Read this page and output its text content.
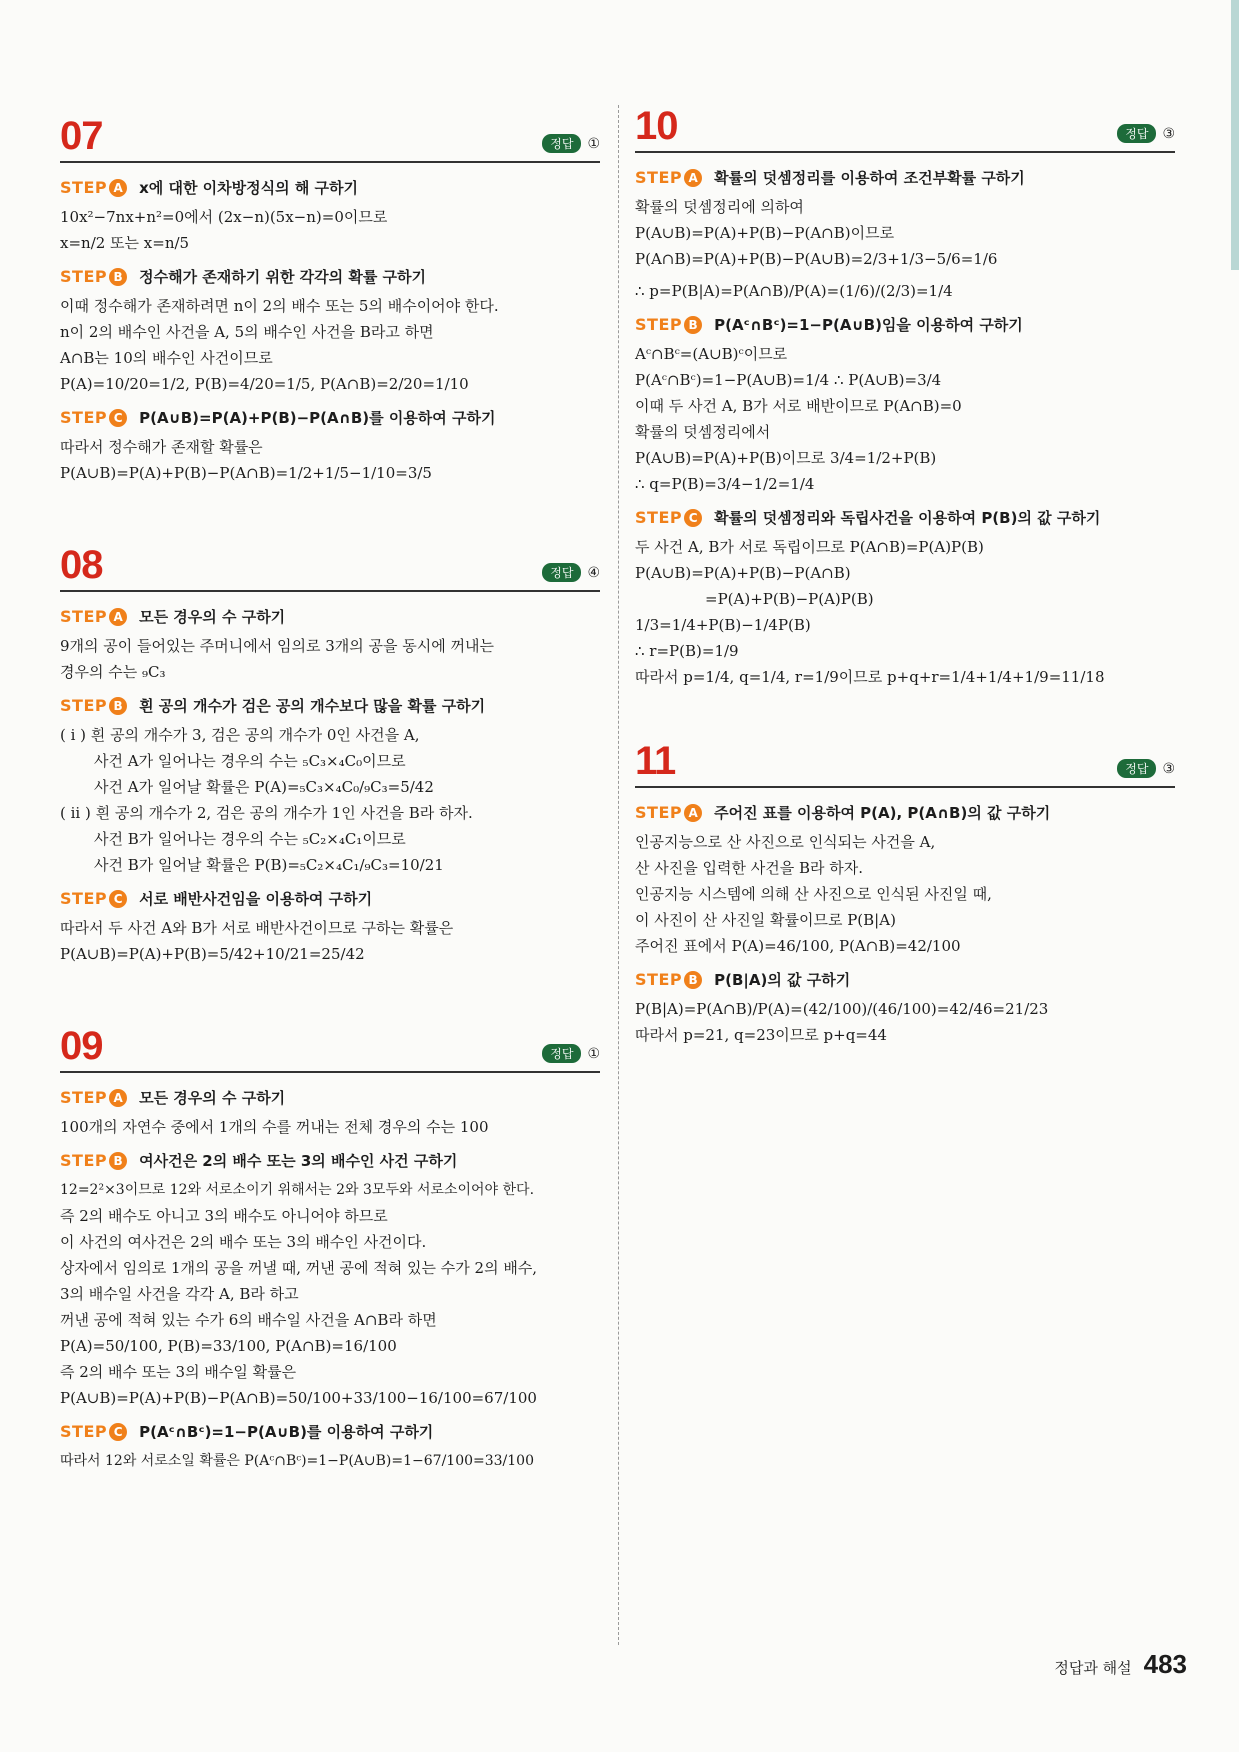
07	정답 ①
STEP A x에 대한 이차방정식의 해 구하기
10x²−7nx+n²=0에서 (2x−n)(5x−n)=0이므로
x=n/2 또는 x=n/5
STEP B 정수해가 존재하기 위한 각각의 확률 구하기
이때 정수해가 존재하려면 n이 2의 배수 또는 5의 배수이어야 한다.
n이 2의 배수인 사건을 A, 5의 배수인 사건을 B라고 하면
A∩B는 10의 배수인 사건이므로
P(A)=10/20=1/2, P(B)=4/20=1/5, P(A∩B)=2/20=1/10
STEP C	P(A∪B)=P(A)+P(B)−P(A∩B)를 이용하여 구하기
따라서 정수해가 존재할 확률은
P(A∪B)=P(A)+P(B)−P(A∩B)=1/2+1/5−1/10=3/5
08	정답 ④
STEP A 모든 경우의 수 구하기
9개의 공이 들어있는 주머니에서 임의로 3개의 공을 동시에 꺼내는
경우의 수는 ₉C₃
STEP B 흰 공의 개수가 검은 공의 개수보다 많을 확률 구하기
( i ) 흰 공의 개수가 3, 검은 공의 개수가 0인 사건을 A,
사건 A가 일어나는 경우의 수는 ₅C₃×₄C₀이므로
사건 A가 일어날 확률은 P(A)=₅C₃×₄C₀/₉C₃=5/42
( ii ) 흰 공의 개수가 2, 검은 공의 개수가 1인 사건을 B라 하자.
사건 B가 일어나는 경우의 수는 ₅C₂×₄C₁이므로
사건 B가 일어날 확률은 P(B)=₅C₂×₄C₁/₉C₃=10/21
STEP C	서로 배반사건임을 이용하여 구하기
따라서 두 사건 A와 B가 서로 배반사건이므로 구하는 확률은
P(A∪B)=P(A)+P(B)=5/42+10/21=25/42
09	정답 ①
STEP A 모든 경우의 수 구하기
100개의 자연수 중에서 1개의 수를 꺼내는 전체 경우의 수는 100
STEP B 여사건은 2의 배수 또는 3의 배수인 사건 구하기
12=2²×3이므로 12와 서로소이기 위해서는 2와 3모두와 서로소이어야 한다.
즉 2의 배수도 아니고 3의 배수도 아니어야 하므로
이 사건의 여사건은 2의 배수 또는 3의 배수인 사건이다.
상자에서 임의로 1개의 공을 꺼낼 때, 꺼낸 공에 적혀 있는 수가 2의 배수,
3의 배수일 사건을 각각 A, B라 하고
꺼낸 공에 적혀 있는 수가 6의 배수일 사건을 A∩B라 하면
P(A)=50/100, P(B)=33/100, P(A∩B)=16/100
즉 2의 배수 또는 3의 배수일 확률은
P(A∪B)=P(A)+P(B)−P(A∩B)=50/100+33/100−16/100=67/100
STEP C	P(Aᶜ∩Bᶜ)=1−P(A∪B)를 이용하여 구하기
따라서 12와 서로소일 확률은 P(Aᶜ∩Bᶜ)=1−P(A∪B)=1−67/100=33/100
10	정답 ③
STEP A 확률의 덧셈정리를 이용하여 조건부확률 구하기
확률의 덧셈정리에 의하여
P(A∪B)=P(A)+P(B)−P(A∩B)이므로
P(A∩B)=P(A)+P(B)−P(A∪B)=2/3+1/3−5/6=1/6
∴ p=P(B|A)=P(A∩B)/P(A)=(1/6)/(2/3)=1/4
STEP B P(Aᶜ∩Bᶜ)=1−P(A∪B)임을 이용하여 구하기
Aᶜ∩Bᶜ=(A∪B)ᶜ이므로
P(Aᶜ∩Bᶜ)=1−P(A∪B)=1/4 ∴ P(A∪B)=3/4
이때 두 사건 A, B가 서로 배반이므로 P(A∩B)=0
확률의 덧셈정리에서
P(A∪B)=P(A)+P(B)이므로 3/4=1/2+P(B)
∴ q=P(B)=3/4−1/2=1/4
STEP C	확률의 덧셈정리와 독립사건을 이용하여 P(B)의 값 구하기
두 사건 A, B가 서로 독립이므로 P(A∩B)=P(A)P(B)
P(A∪B)=P(A)+P(B)−P(A∩B)
=P(A)+P(B)−P(A)P(B)
1/3=1/4+P(B)−1/4P(B)
∴ r=P(B)=1/9
따라서 p=1/4, q=1/4, r=1/9이므로 p+q+r=1/4+1/4+1/9=11/18
11	정답 ③
STEP A 주어진 표를 이용하여 P(A), P(A∩B)의 값 구하기
인공지능으로 산 사진으로 인식되는 사건을 A,
산 사진을 입력한 사건을 B라 하자.
인공지능 시스템에 의해 산 사진으로 인식된 사진일 때,
이 사진이 산 사진일 확률이므로 P(B|A)
주어진 표에서 P(A)=46/100, P(A∩B)=42/100
STEP B P(B|A)의 값 구하기
P(B|A)=P(A∩B)/P(A)=(42/100)/(46/100)=42/46=21/23
따라서 p=21, q=23이므로 p+q=44
정답과 해설 483
